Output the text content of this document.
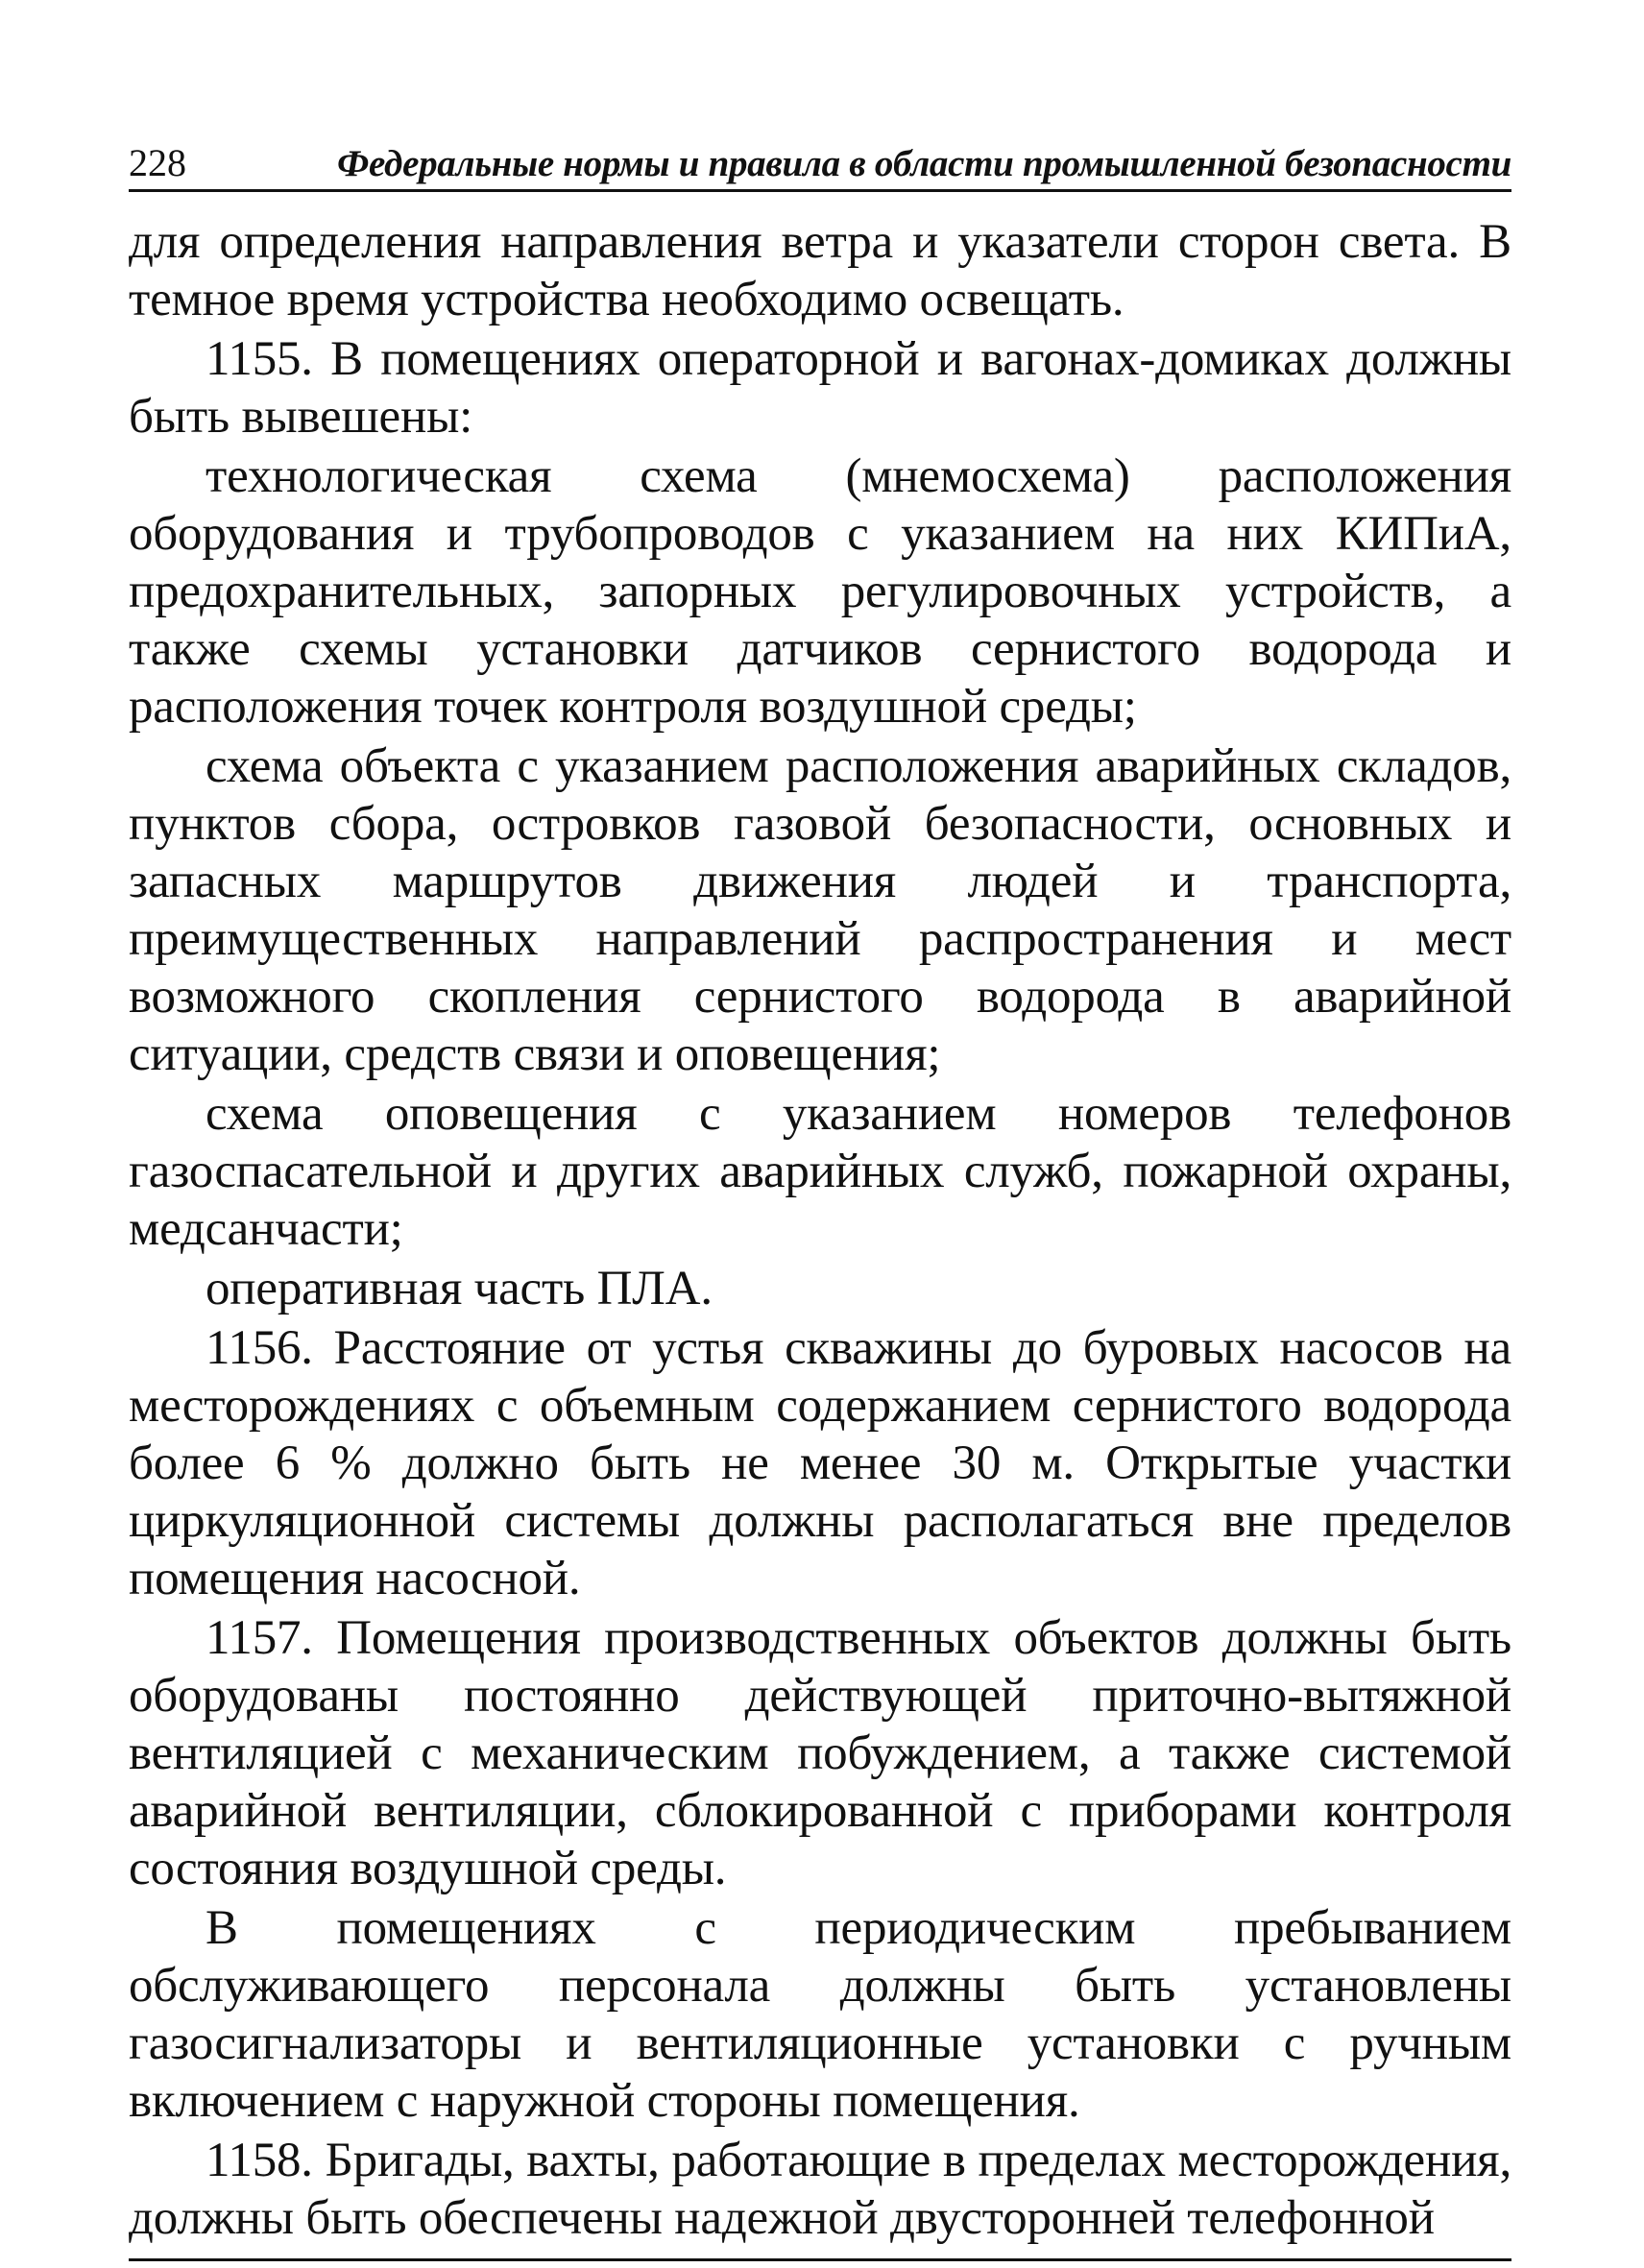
228	Федеральные нормы и правила в области промышленной безопасности

для определения направления ветра и указатели сторон света. В темное время устройства необходимо освещать.

1155. В помещениях операторной и вагонах-домиках должны быть вывешены:

технологическая схема (мнемосхема) расположения оборудования и трубопроводов с указанием на них КИПиА, предохранительных, запорных регулировочных устройств, а также схемы установки датчиков сернистого водорода и расположения точек контроля воздушной среды;

схема объекта с указанием расположения аварийных складов, пунктов сбора, островков газовой безопасности, основных и запасных маршрутов движения людей и транспорта, преимущественных направлений распространения и мест возможного скопления сернистого водорода в аварийной ситуации, средств связи и оповещения;

схема оповещения с указанием номеров телефонов газоспасательной и других аварийных служб, пожарной охраны, медсанчасти;

оперативная часть ПЛА.

1156. Расстояние от устья скважины до буровых насосов на месторождениях с объемным содержанием сернистого водорода более 6 % должно быть не менее 30 м. Открытые участки циркуляционной системы должны располагаться вне пределов помещения насосной.

1157. Помещения производственных объектов должны быть оборудованы постоянно действующей приточно-вытяжной вентиляцией с механическим побуждением, а также системой аварийной вентиляции, сблокированной с приборами контроля состояния воздушной среды.

В помещениях с периодическим пребыванием обслуживающего персонала должны быть установлены газосигнализаторы и вентиляционные установки с ручным включением с наружной стороны помещения.

1158. Бригады, вахты, работающие в пределах месторождения, должны быть обеспечены надежной двусторонней телефонной
